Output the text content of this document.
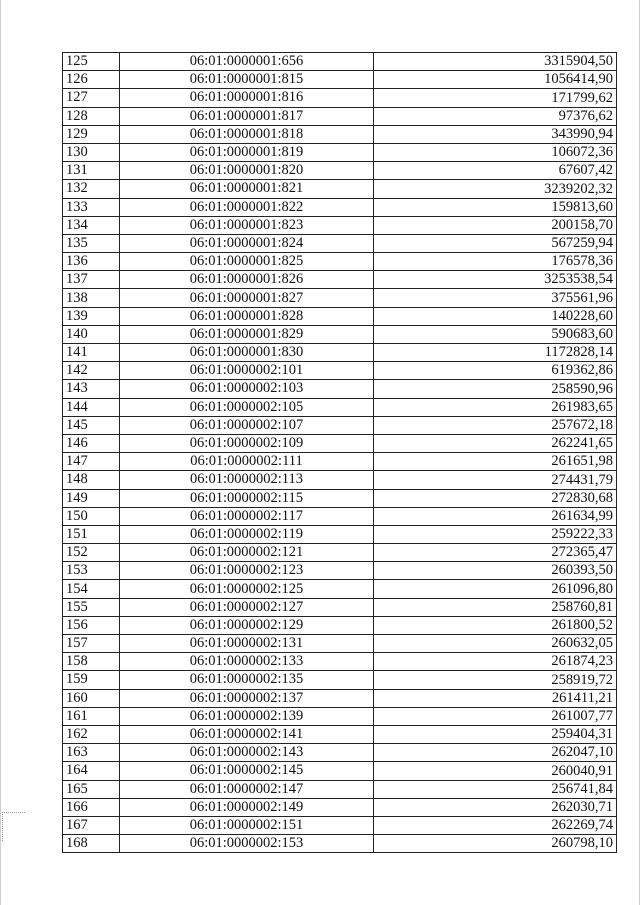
125	06:01:0000001:656	3315904,50
126	06:01:0000001:815	1056414,90
127	06:01:0000001:816	171799,62
128	06:01:0000001:817	97376,62
129	06:01:0000001:818	343990,94
130	06:01:0000001:819	106072,36
131	06:01:0000001:820	67607,42
132	06:01:0000001:821	3239202,32
133	06:01:0000001:822	159813,60
134	06:01:0000001:823	200158,70
135	06:01:0000001:824	567259,94
136	06:01:0000001:825	176578,36
137	06:01:0000001:826	3253538,54
138	06:01:0000001:827	375561,96
139	06:01:0000001:828	140228,60
140	06:01:0000001:829	590683,60
141	06:01:0000001:830	1172828,14
142	06:01:0000002:101	619362,86
143	06:01:0000002:103	258590,96
144	06:01:0000002:105	261983,65
145	06:01:0000002:107	257672,18
146	06:01:0000002:109	262241,65
147	06:01:0000002:111	261651,98
148	06:01:0000002:113	274431,79
149	06:01:0000002:115	272830,68
150	06:01:0000002:117	261634,99
151	06:01:0000002:119	259222,33
152	06:01:0000002:121	272365,47
153	06:01:0000002:123	260393,50
154	06:01:0000002:125	261096,80
155	06:01:0000002:127	258760,81
156	06:01:0000002:129	261800,52
157	06:01:0000002:131	260632,05
158	06:01:0000002:133	261874,23
159	06:01:0000002:135	258919,72
160	06:01:0000002:137	261411,21
161	06:01:0000002:139	261007,77
162	06:01:0000002:141	259404,31
163	06:01:0000002:143	262047,10
164	06:01:0000002:145	260040,91
165	06:01:0000002:147	256741,84
166	06:01:0000002:149	262030,71
167	06:01:0000002:151	262269,74
168	06:01:0000002:153	260798,10
